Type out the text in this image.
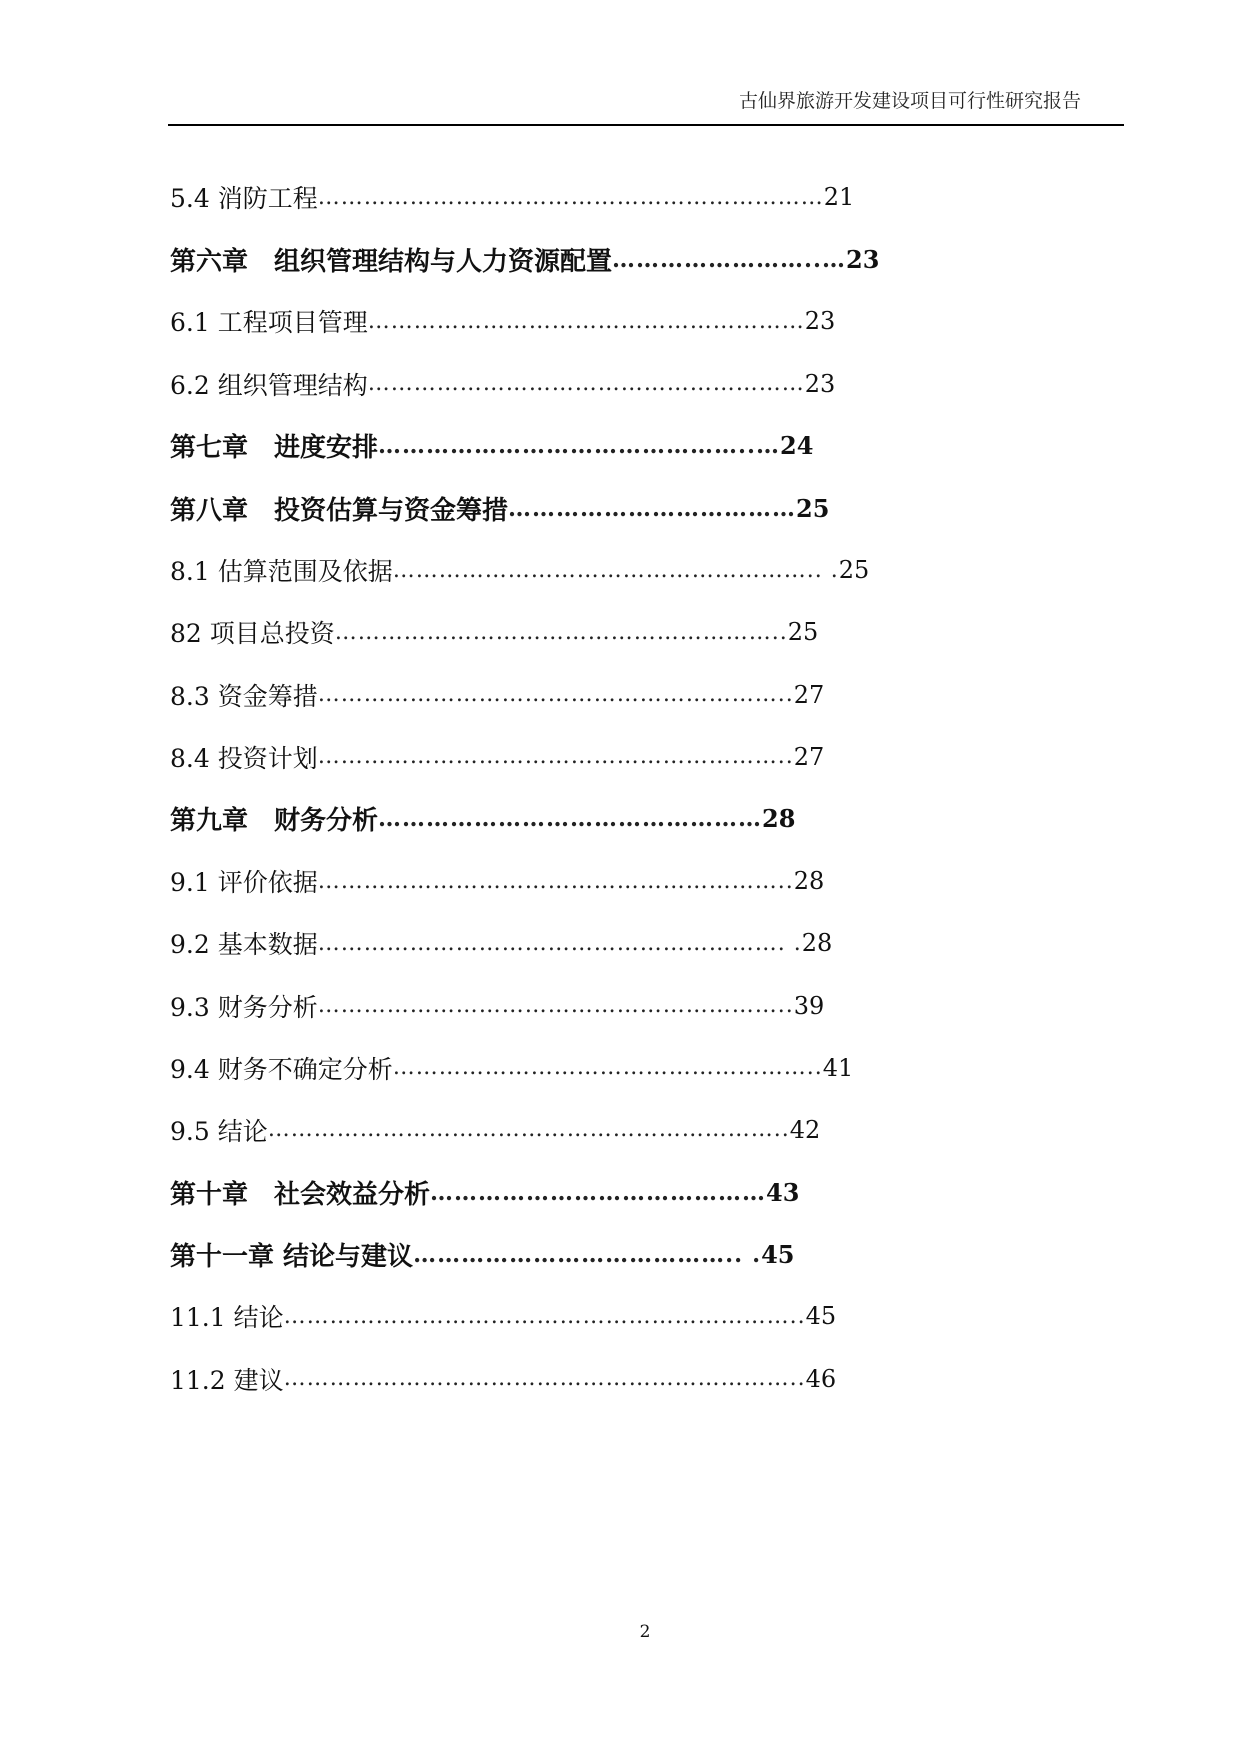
古仙界旅游开发建设项目可行性研究报告
5.4 消防工程 ………………………………………………………… 21
第六章　组织管理结构与人力资源配置 ……………………..… 23
6.1 工程项目管理 ………………………………………………… 23
6.2 组织管理结构 ………………………………………………… 23
第七章　进度安排 ………………………………………..… 24
第八章　投资估算与资金筹措 ……………………………… 25
8.1 估算范围及依据 ……………………………………………….. . 25
82 项目总投资 ………………………………………………….. 25
8.3 资金筹措 …………………………………………………….. 27
8.4 投资计划 …………………………………………………….. 27
第九章　财务分析 ………………………………………… 28
9.1 评价依据 …………………………………………………….. 28
9.2 基本数据 ……………………………………………………. . 28
9.3 财务分析 …………………………………………………….. 39
9.4 财务不确定分析 ……………………………………………….. 41
9.5 结论 ………………………………………………………….. 42
第十章　社会效益分析 …………………………………… 43
第十一章 结论与建议 ………………………………….. . 45
11.1 结论 ………………………………………………………….. 45
11.2 建议 ………………………………………………………….. 46
2
